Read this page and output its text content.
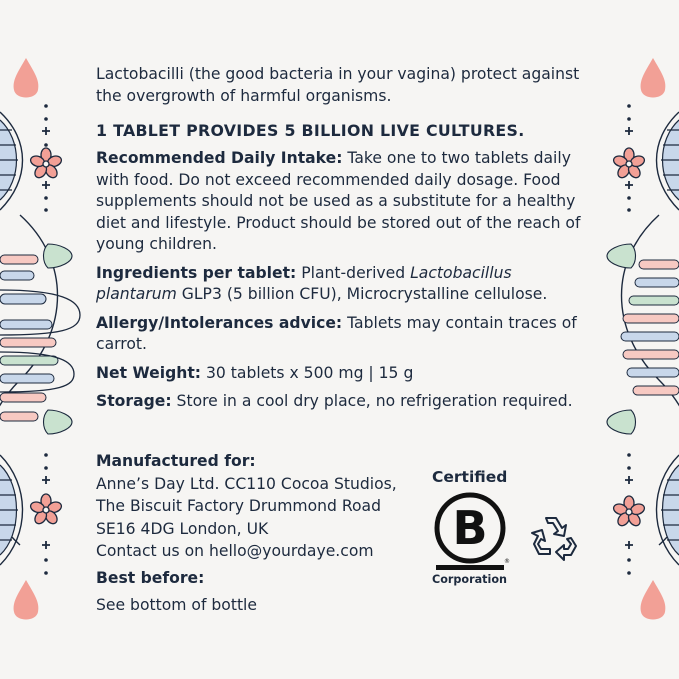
Lactobacilli (the good bacteria in your vagina) protect against the overgrowth of harmful organisms.

1 TABLET PROVIDES 5 BILLION LIVE CULTURES.

Recommended Daily Intake: Take one to two tablets daily with food. Do not exceed recommended daily dosage. Food supplements should not be used as a substitute for a healthy diet and lifestyle. Product should be stored out of the reach of young children.

Ingredients per tablet: Plant-derived Lactobacillus plantarum GLP3 (5 billion CFU), Microcrystalline cellulose.

Allergy/Intolerances advice: Tablets may contain traces of carrot.

Net Weight: 30 tablets x 500 mg | 15 g

Storage: Store in a cool dry place, no refrigeration required.

Manufactured for:

Anne’s Day Ltd. CC110 Cocoa Studios,

The Biscuit Factory Drummond Road

SE16 4DG London, UK

Contact us on hello@yourdaye.com

Best before:

See bottom of bottle

Certified
B
®
Corporation
